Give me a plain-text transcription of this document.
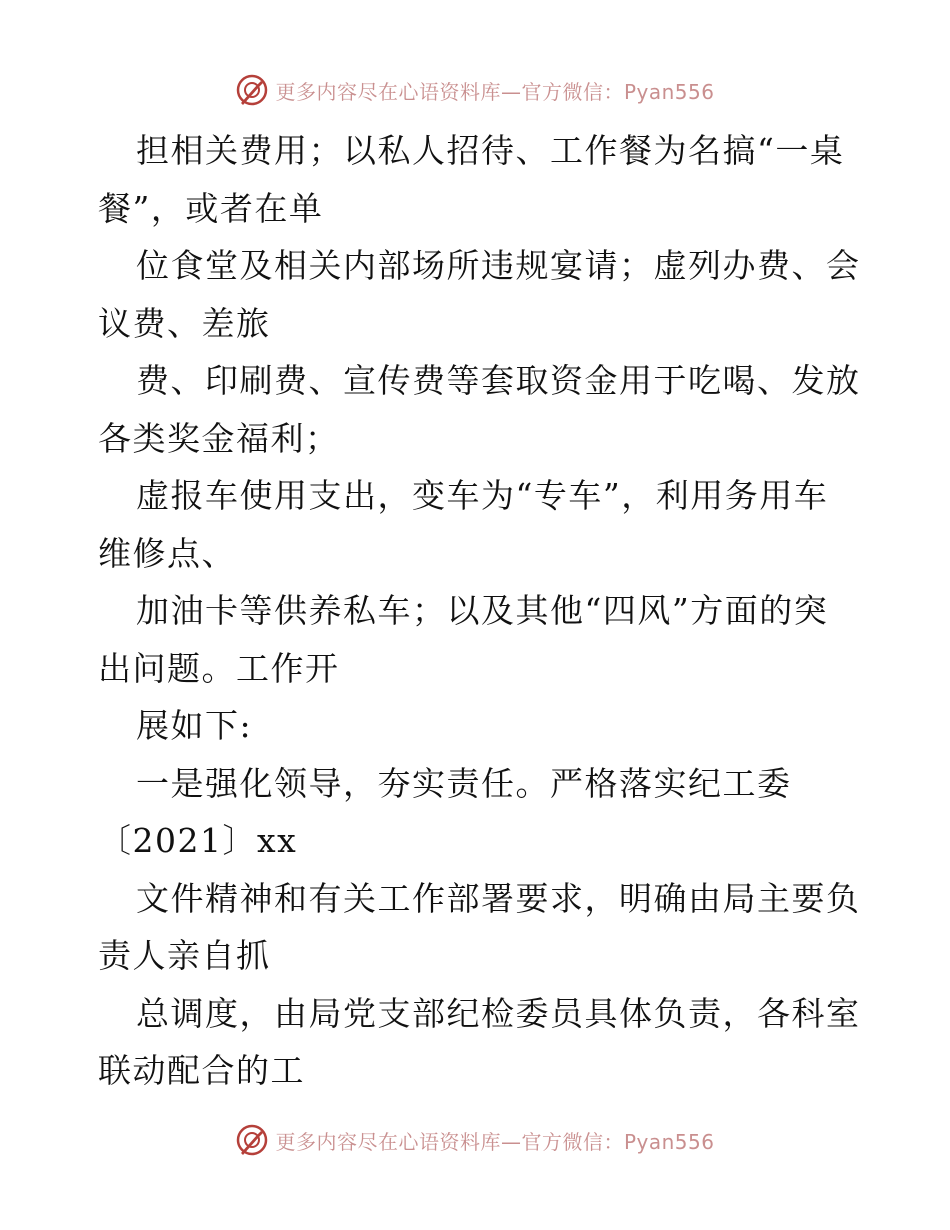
更多内容尽在心语资料库—官方微信：Pyan556
担相关费用；以私人招待、工作餐为名搞“一桌
餐”，或者在单
位食堂及相关内部场所违规宴请；虚列办费、会
议费、差旅
费、印刷费、宣传费等套取资金用于吃喝、发放
各类奖金福利；
虚报车使用支出，变车为“专车”，利用务用车
维修点、
加油卡等供养私车；以及其他“四风”方面的突
出问题。工作开
展如下:
一是强化领导，夯实责任。严格落实纪工委
〔2021〕xx
文件精神和有关工作部署要求，明确由局主要负
责人亲自抓
总调度，由局党支部纪检委员具体负责，各科室
联动配合的工
更多内容尽在心语资料库—官方微信：Pyan556
